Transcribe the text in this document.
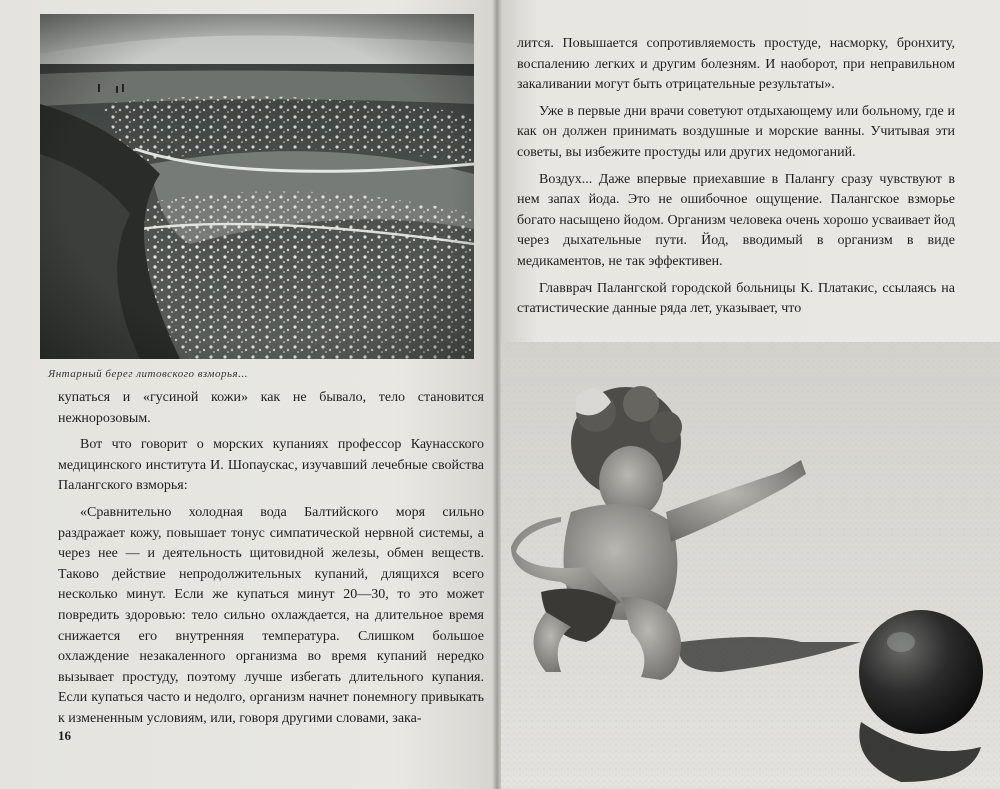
Янтарный берег литовского взморья...

купаться и «гусиной кожи» как не бывало, тело становится нежнорозовым.

Вот что говорит о морских купаниях профессор Каунасского медицинского института И. Шопаускас, изучавший лечебные свойства Палангского взморья:

«Сравнительно холодная вода Балтийского моря сильно раздражает кожу, повышает тонус симпатической нервной системы, а через нее — и деятельность щитовидной железы, обмен веществ. Таково действие непродолжительных купаний, длящихся всего несколько минут. Если же купаться минут 20—30, то это может повредить здоровью: тело сильно охлаждается, на длительное время снижается его внутренняя температура. Слишком большое охлаждение незакаленного организма во время купаний нередко вызывает простуду, поэтому лучше избегать длительного купания. Если купаться часто и недолго, организм начнет понемногу привыкать к измененным условиям, или, говоря другими словами, зака-

16

лится. Повышается сопротивляемость простуде, насморку, бронхиту, воспалению легких и другим болезням. И наоборот, при неправильном закаливании могут быть отрицательные результаты».

Уже в первые дни врачи советуют отдыхающему или больному, где и как он должен принимать воздушные и морские ванны. Учитывая эти советы, вы избежите простуды или других недомоганий.

Воздух... Даже впервые приехавшие в Палангу сразу чувствуют в нем запах йода. Это не ошибочное ощущение. Палангское взморье богато насыщено йодом. Организм человека очень хорошо усваивает йод через дыхательные пути. Йод, вводимый в организм в виде медикаментов, не так эффективен.

Главврач Палангской городской больницы К. Платакис, ссылаясь на статистические данные ряда лет, указывает, что
